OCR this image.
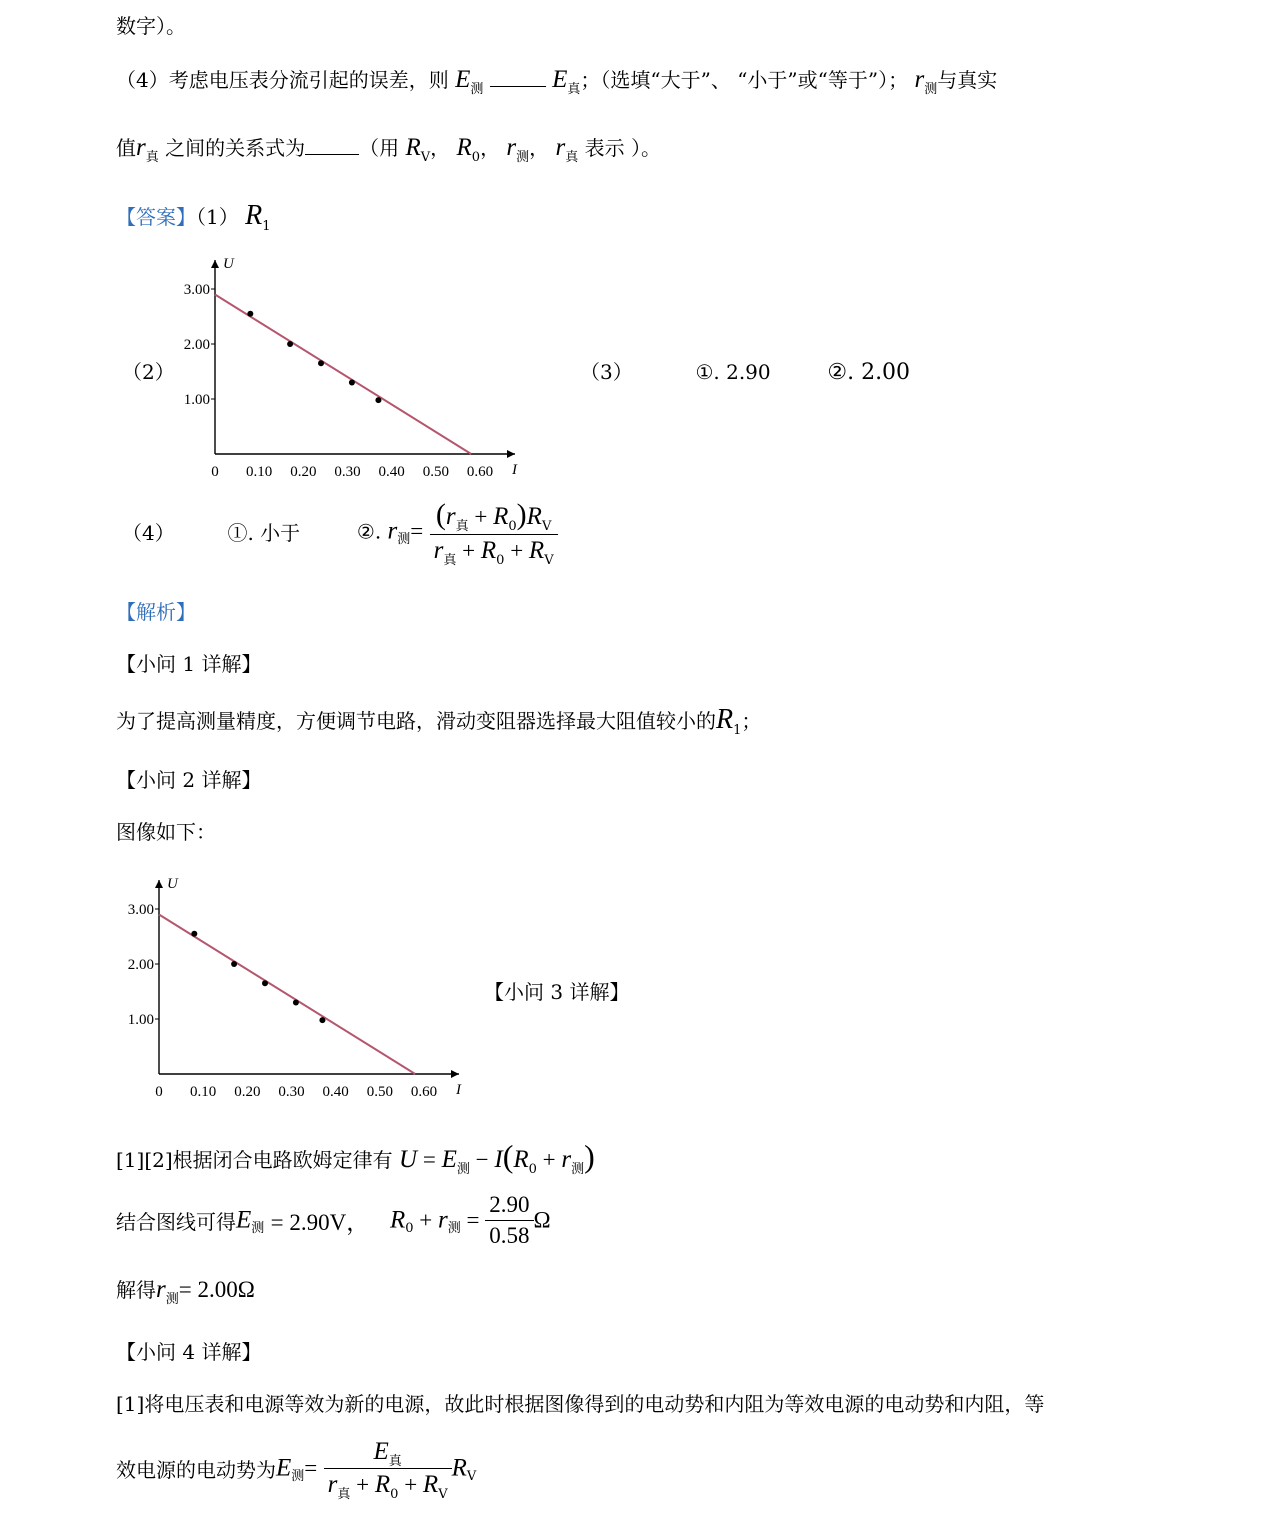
数字）。
（4）考虑电压表分流引起的误差，则 $E_测$	$E_真$；（选填“大于”、 “小于”或“等于”）； $r_测$与真实
值$r_真$ 之间的关系式为	（用 $R_V$， $R_0$， $r_测$， $r_真$ 表示 ）。
【答案】（1） $R_1$
（2）
U
I
0 0.10 0.20 0.30 0.40 0.50 0.60
1.00
2.00
3.00
（3）	①. 2.90	②. 2.00
（4）	①. 小于	②. $r_测= \frac{(r_真 + R_0)R_V}{r_真 + R_0 + R_V}$
【解析】
【小问 1 详解】
为了提高测量精度，方便调节电路，滑动变阻器选择最大阻值较小的$R_1$；
【小问 2 详解】
图像如下：
U
I
0 0.10 0.20 0.30 0.40 0.50 0.60
1.00
2.00
3.00
【小问 3 详解】
[1][2]根据闭合电路欧姆定律有 $U = E_测 - I(R_0 + r_测)$
结合图线可得$E_测 = 2.90V$， $R_0 + r_测 = \frac{2.90}{0.58}$ Ω
解得$r_测= 2.00\Omega$
【小问 4 详解】
[1]将电压表和电源等效为新的电源，故此时根据图像得到的电动势和内阻为等效电源的电动势和内阻，等
效电源的电动势为$E_测= \frac{E_真}{r_真 + R_0 + R_V} R_V$
